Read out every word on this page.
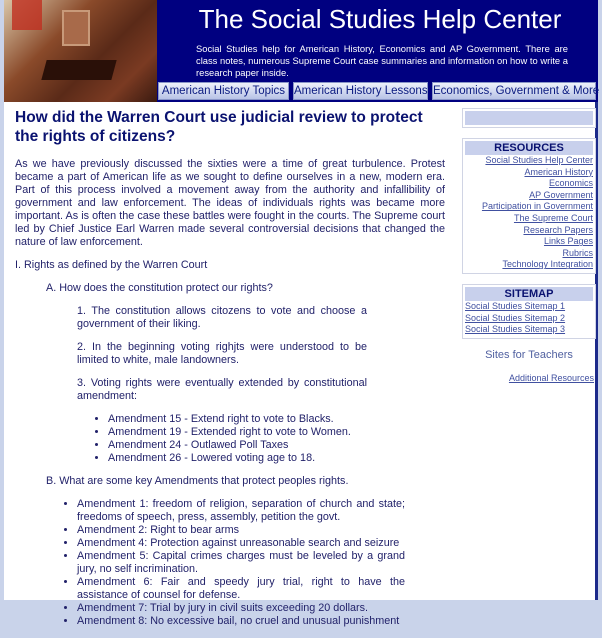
The Social Studies Help Center
Social Studies help for American History, Economics and AP Government. There are class notes, numerous Supreme Court case summaries and information on how to write a research paper inside.
American History Topics American History Lessons Economics, Government & More
How did the Warren Court use judicial review to protect the rights of citizens?

As we have previously discussed the sixties were a time of great turbulence. Protest became a part of American life as we sought to define ourselves in a new, modern era. Part of this process involved a movement away from the authority and infallibility of government and law enforcement. The ideas of individuals rights was became more important. As is often the case these battles were fought in the courts. The Supreme court led by Chief Justice Earl Warren made several controversial decisions that changed the nature of law enforcement.

I. Rights as defined by the Warren Court

A. How does the constitution protect our rights?

1. The constitution allows citozens to vote and choose a government of their liking.

2. In the beginning voting righjts were understood to be limited to white, male landowners.

3. Voting rights were eventually extended by constitutional amendment:

• Amendment 15 - Extend right to vote to Blacks.
• Amendment 19 - Extended right to vote to Women.
• Amendment 24 - Outlawed Poll Taxes
• Amendment 26 - Lowered voting age to 18.

B. What are some key Amendments that protect peoples rights.

• Amendment 1: freedom of religion, separation of church and state; freedoms of speech, press, assembly, petition the govt.
• Amendment 2: Right to bear arms
• Amendment 4: Protection against unreasonable search and seizure
• Amendment 5: Capital crimes charges must be leveled by a grand jury, no self incrimination.
• Amendment 6: Fair and speedy jury trial, right to have the assistance of counsel for defense.
• Amendment 7: Trial by jury in civil suits exceeding 20 dollars.
• Amendment 8: No excessive bail, no cruel and unusual punishment
RESOURCES
Social Studies Help Center
American History
Economics
AP Government
Participation in Government
The Supreme Court
Research Papers
Links Pages
Rubrics
Technology Integration
SITEMAP
Social Studies Sitemap 1
Social Studies Sitemap 2
Social Studies Sitemap 3
Sites for Teachers
Additional Resources
